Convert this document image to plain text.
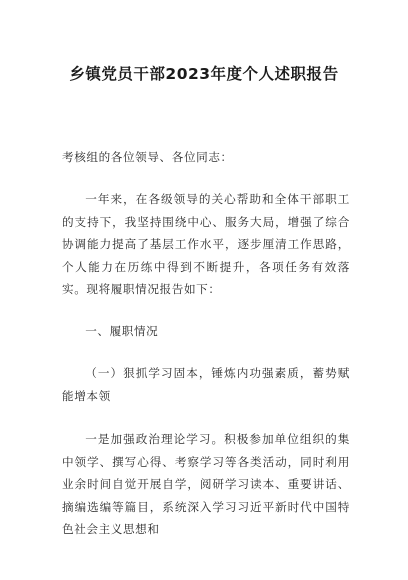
乡镇党员干部2023年度个人述职报告
考核组的各位领导、各位同志：
一年来，在各级领导的关心帮助和全体干部职工的支持下，我坚持围绕中心、服务大局，增强了综合协调能力提高了基层工作水平，逐步厘清工作思路，个人能力在历练中得到不断提升，各项任务有效落实。现将履职情况报告如下：
一、履职情况
（一）狠抓学习固本，锤炼内功强素质，蓄势赋能增本领
一是加强政治理论学习。积极参加单位组织的集中领学、撰写心得、考察学习等各类活动，同时利用业余时间自觉开展自学，阅研学习读本、重要讲话、摘编选编等篇目，系统深入学习习近平新时代中国特色社会主义思想和
